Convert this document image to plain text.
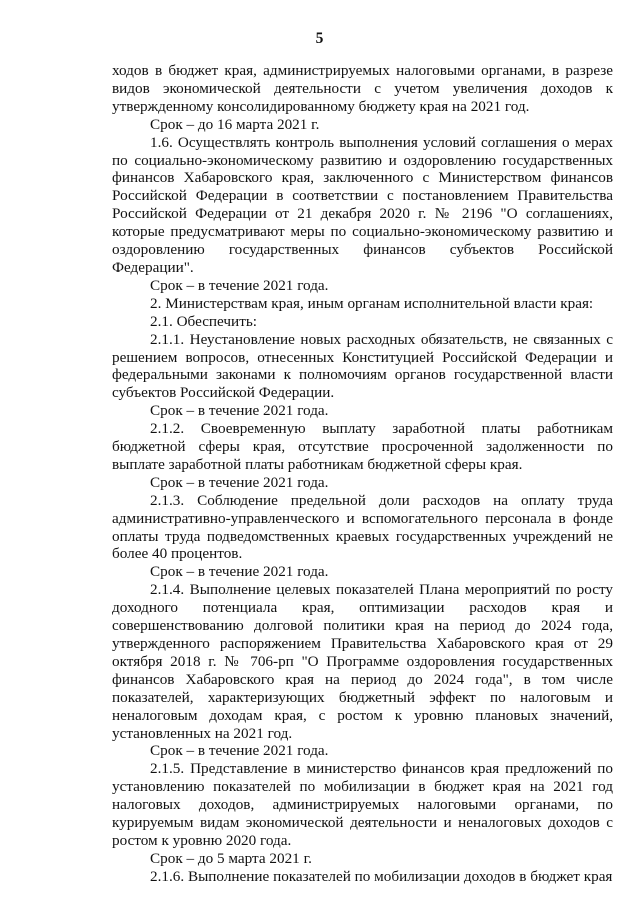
5

ходов в бюджет края, администрируемых налоговыми органами, в разрезе видов экономической деятельности с учетом увеличения доходов к утвержденному консолидированному бюджету края на 2021 год.

Срок – до 16 марта 2021 г.

1.6. Осуществлять контроль выполнения условий соглашения о мерах по социально-экономическому развитию и оздоровлению государственных финансов Хабаровского края, заключенного с Министерством финансов Российской Федерации в соответствии с постановлением Правительства Российской Федерации от 21 декабря 2020 г. № 2196 "О соглашениях, которые предусматривают меры по социально-экономическому развитию и оздоровлению государственных финансов субъектов Российской Федерации".

Срок – в течение 2021 года.

2. Министерствам края, иным органам исполнительной власти края:

2.1. Обеспечить:

2.1.1. Неустановление новых расходных обязательств, не связанных с решением вопросов, отнесенных Конституцией Российской Федерации и федеральными законами к полномочиям органов государственной власти субъектов Российской Федерации.

Срок – в течение 2021 года.

2.1.2. Своевременную выплату заработной платы работникам бюджетной сферы края, отсутствие просроченной задолженности по выплате заработной платы работникам бюджетной сферы края.

Срок – в течение 2021 года.

2.1.3. Соблюдение предельной доли расходов на оплату труда административно-управленческого и вспомогательного персонала в фонде оплаты труда подведомственных краевых государственных учреждений не более 40 процентов.

Срок – в течение 2021 года.

2.1.4. Выполнение целевых показателей Плана мероприятий по росту доходного потенциала края, оптимизации расходов края и совершенствованию долговой политики края на период до 2024 года, утвержденного распоряжением Правительства Хабаровского края от 29 октября 2018 г. № 706-рп "О Программе оздоровления государственных финансов Хабаровского края на период до 2024 года", в том числе показателей, характеризующих бюджетный эффект по налоговым и неналоговым доходам края, с ростом к уровню плановых значений, установленных на 2021 год.

Срок – в течение 2021 года.

2.1.5. Представление в министерство финансов края предложений по установлению показателей по мобилизации в бюджет края на 2021 год налоговых доходов, администрируемых налоговыми органами, по курируемым видам экономической деятельности и неналоговых доходов с ростом к уровню 2020 года.

Срок – до 5 марта 2021 г.

2.1.6. Выполнение показателей по мобилизации доходов в бюджет края
